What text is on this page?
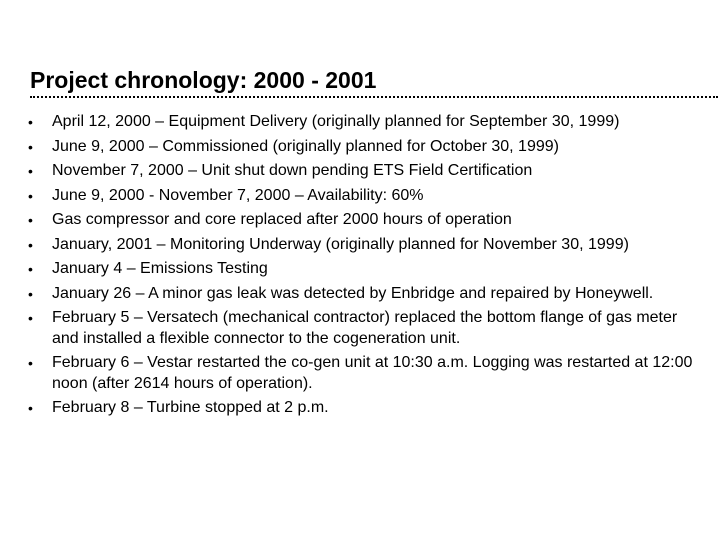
Project chronology: 2000 - 2001
• April 12, 2000 – Equipment Delivery (originally planned for September 30, 1999)
• June 9, 2000 – Commissioned (originally planned for October 30, 1999)
• November 7, 2000 – Unit shut down pending ETS Field Certification
• June 9, 2000 - November 7, 2000 – Availability: 60%
• Gas compressor and core replaced after 2000 hours of operation
• January, 2001 – Monitoring Underway (originally planned for November 30, 1999)
• January 4 – Emissions Testing
• January 26 – A minor gas leak was detected by Enbridge and repaired by Honeywell.
• February 5 – Versatech (mechanical contractor) replaced the bottom flange of gas meter and installed a flexible connector to the cogeneration unit.
• February 6 – Vestar restarted the co-gen unit at 10:30 a.m. Logging was restarted at 12:00 noon (after 2614 hours of operation).
• February 8 – Turbine stopped at 2 p.m.
